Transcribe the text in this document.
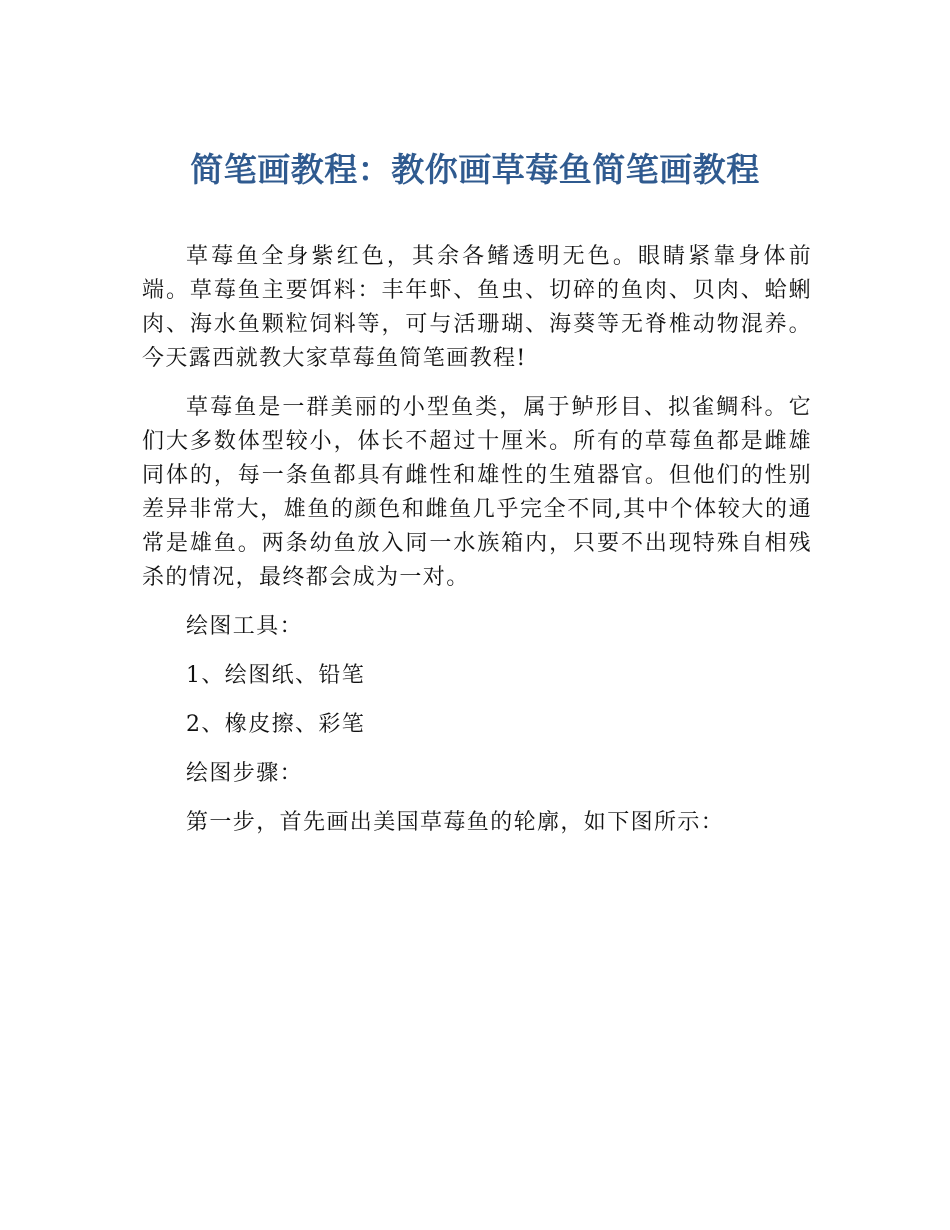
简笔画教程：教你画草莓鱼简笔画教程

草莓鱼全身紫红色，其余各鳍透明无色。眼睛紧靠身体前端。草莓鱼主要饵料：丰年虾、鱼虫、切碎的鱼肉、贝肉、蛤蜊肉、海水鱼颗粒饲料等，可与活珊瑚、海葵等无脊椎动物混养。今天露西就教大家草莓鱼简笔画教程!

草莓鱼是一群美丽的小型鱼类，属于鲈形目、拟雀鲷科。它们大多数体型较小，体长不超过十厘米。所有的草莓鱼都是雌雄同体的，每一条鱼都具有雌性和雄性的生殖器官。但他们的性别差异非常大，雄鱼的颜色和雌鱼几乎完全不同,其中个体较大的通常是雄鱼。两条幼鱼放入同一水族箱内，只要不出现特殊自相残杀的情况，最终都会成为一对。

绘图工具：

1、绘图纸、铅笔

2、橡皮擦、彩笔

绘图步骤：

第一步，首先画出美国草莓鱼的轮廓，如下图所示：
